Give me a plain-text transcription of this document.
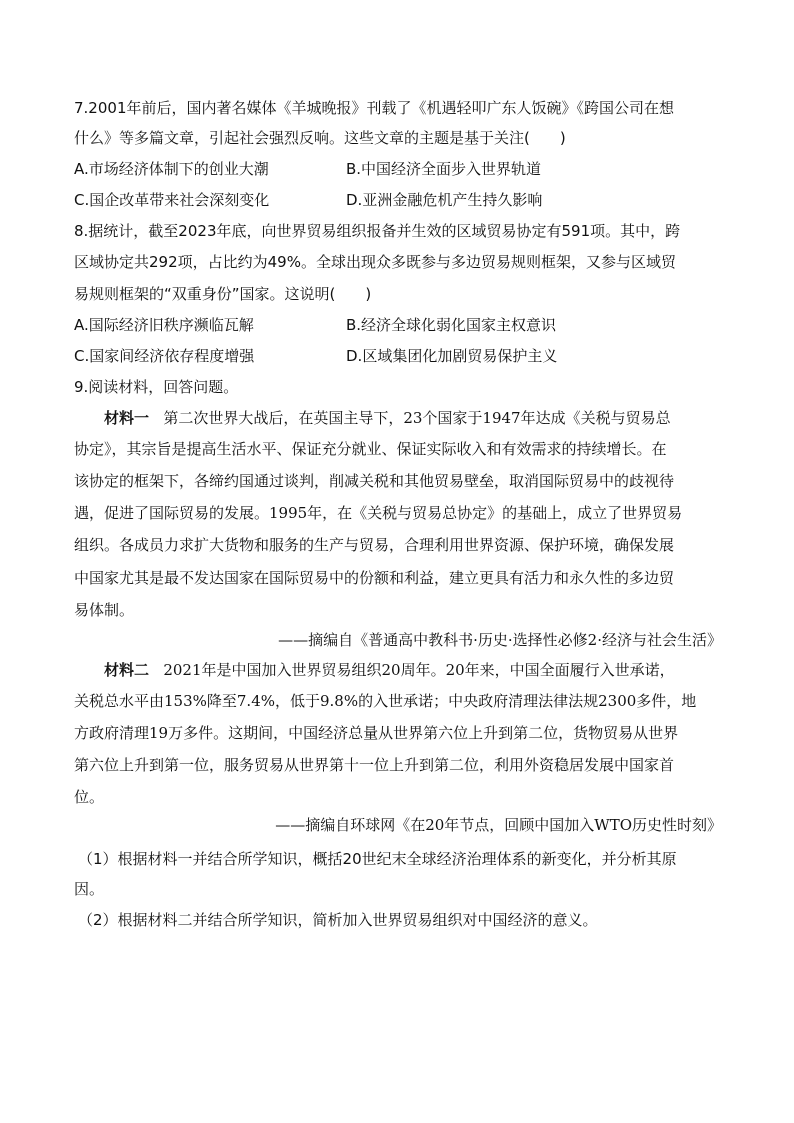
7.2001年前后，国内著名媒体《羊城晚报》刊载了《机遇轻叩广东人饭碗》《跨国公司在想
什么》等多篇文章，引起社会强烈反响。这些文章的主题是基于关注(　　)
A.市场经济体制下的创业大潮	B.中国经济全面步入世界轨道
C.国企改革带来社会深刻变化	D.亚洲金融危机产生持久影响
8.据统计，截至2023年底，向世界贸易组织报备并生效的区域贸易协定有591项。其中，跨
区域协定共292项，占比约为49%。全球出现众多既参与多边贸易规则框架，又参与区域贸
易规则框架的“双重身份”国家。这说明(　　)
A.国际经济旧秩序濒临瓦解	B.经济全球化弱化国家主权意识
C.国家间经济依存程度增强	D.区域集团化加剧贸易保护主义
9.阅读材料，回答问题。
材料一 第二次世界大战后，在英国主导下，23个国家于1947年达成《关税与贸易总
协定》，其宗旨是提高生活水平、保证充分就业、保证实际收入和有效需求的持续增长。在
该协定的框架下，各缔约国通过谈判，削减关税和其他贸易壁垒，取消国际贸易中的歧视待
遇，促进了国际贸易的发展。1995年，在《关税与贸易总协定》的基础上，成立了世界贸易
组织。各成员力求扩大货物和服务的生产与贸易，合理利用世界资源、保护环境，确保发展
中国家尤其是最不发达国家在国际贸易中的份额和利益，建立更具有活力和永久性的多边贸
易体制。
——摘编自《普通高中教科书·历史·选择性必修2·经济与社会生活》
材料二 2021年是中国加入世界贸易组织20周年。20年来，中国全面履行入世承诺，
关税总水平由153%降至7.4%，低于9.8%的入世承诺；中央政府清理法律法规2300多件，地
方政府清理19万多件。这期间，中国经济总量从世界第六位上升到第二位，货物贸易从世界
第六位上升到第一位，服务贸易从世界第十一位上升到第二位，利用外资稳居发展中国家首
位。
——摘编自环球网《在20年节点，回顾中国加入WTO历史性时刻》
（1）根据材料一并结合所学知识，概括20世纪末全球经济治理体系的新变化，并分析其原
因。
（2）根据材料二并结合所学知识，简析加入世界贸易组织对中国经济的意义。
